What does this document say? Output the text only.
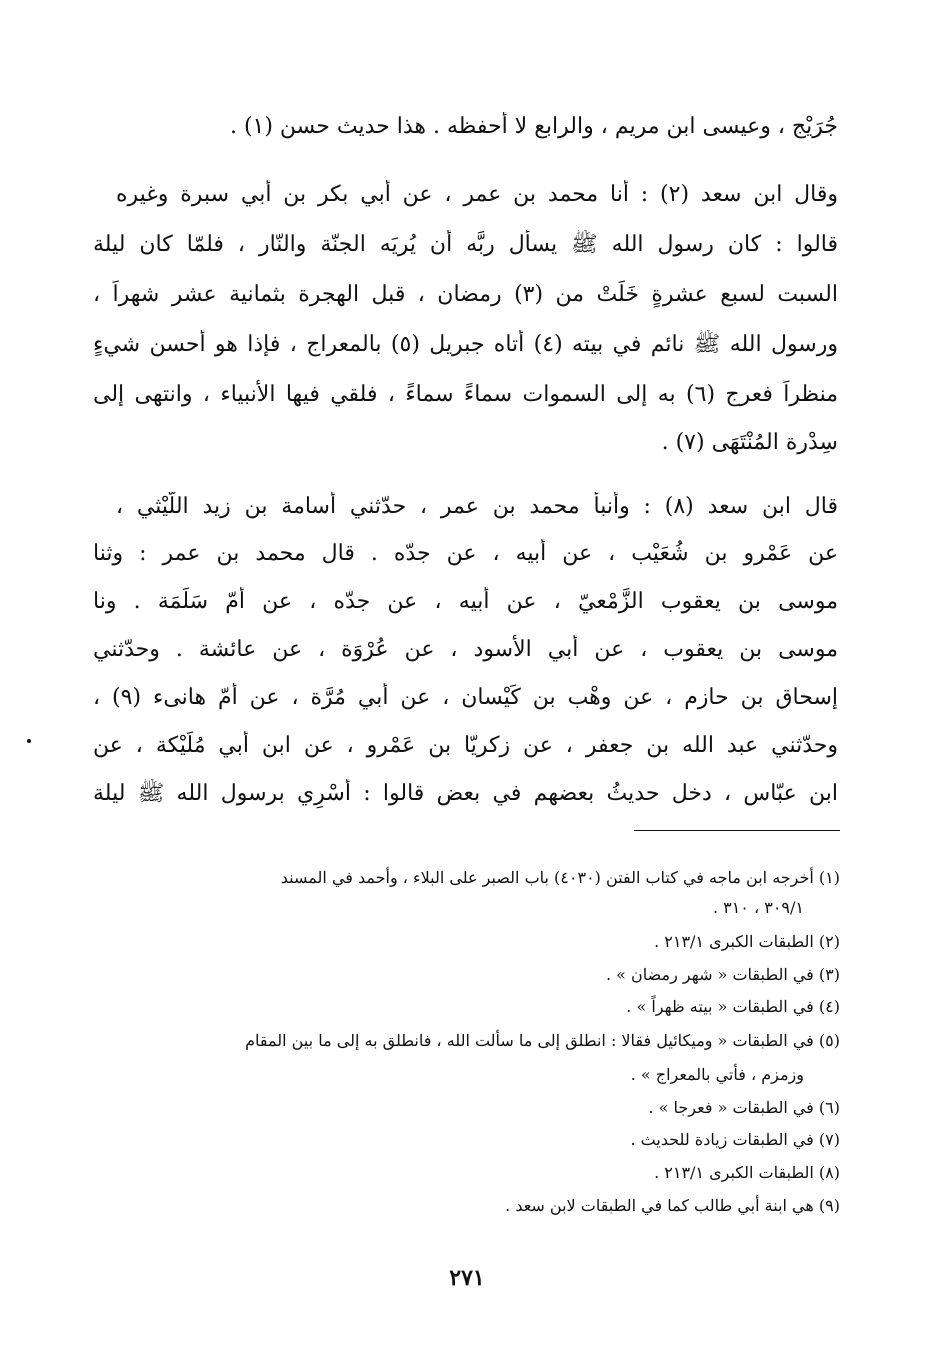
جُرَيْج ، وعيسى ابن مريم ، والرابع لا أحفظه . هذا حديث حسن (١) .
وقال ابن سعد (٢) : أنا محمد بن عمر ، عن أبي بكر بن أبي سبرة وغيره
قالوا : كان رسول الله ﷺ يسأل ربَّه أن يُريَه الجنّة والنّار ، فلمّا كان ليلة
السبت لسبع عشرةٍ خَلَتْ من (٣) رمضان ، قبل الهجرة بثمانية عشر شهراً ،
ورسول الله ﷺ نائم في بيته (٤) أتاه جبريل (٥) بالمعراج ، فإذا هو أحسن شيءٍ
منظراً فعرج (٦) به إلى السموات سماءً سماءً ، فلقي فيها الأنبياء ، وانتهى إلى
سِدْرة المُنْتَهَى (٧) .
قال ابن سعد (٨) : وأنبأ محمد بن عمر ، حدّثني أسامة بن زيد اللَّيْثي ،
عن عَمْرو بن شُعَيْب ، عن أبيه ، عن جدّه . قال محمد بن عمر : وثنا
موسى بن يعقوب الزَّمْعيّ ، عن أبيه ، عن جدّه ، عن أمّ سَلَمَة . ونا
موسى بن يعقوب ، عن أبي الأسود ، عن عُرْوَة ، عن عائشة . وحدّثني
إسحاق بن حازم ، عن وهْب بن كَيْسان ، عن أبي مُرَّة ، عن أمّ هانىء (٩) ،
وحدّثني عبد الله بن جعفر ، عن زكريّا بن عَمْرو ، عن ابن أبي مُلَيْكة ، عن
ابن عبّاس ، دخل حديثُ بعضهم في بعض قالوا : أُسْرِي برسول الله ﷺ ليلة
(١) أخرجه ابن ماجه في كتاب الفتن (٤٠٣٠) باب الصبر على البلاء ، وأحمد في المسند
٣٠٩/١ ، ٣١٠ .
(٢) الطبقات الكبرى ٢١٣/١ .
(٣) في الطبقات « شهر رمضان » .
(٤) في الطبقات « بيته ظهراً » .
(٥) في الطبقات « وميكائيل فقالا : انطلق إلى ما سألت الله ، فانطلق به إلى ما بين المقام
وزمزم ، فأُتي بالمعراج » .
(٦) في الطبقات « فعرجا » .
(٧) في الطبقات زيادة للحديث .
(٨) الطبقات الكبرى ٢١٣/١ .
(٩) هي ابنة أبي طالب كما في الطبقات لابن سعد .
٢٧١
